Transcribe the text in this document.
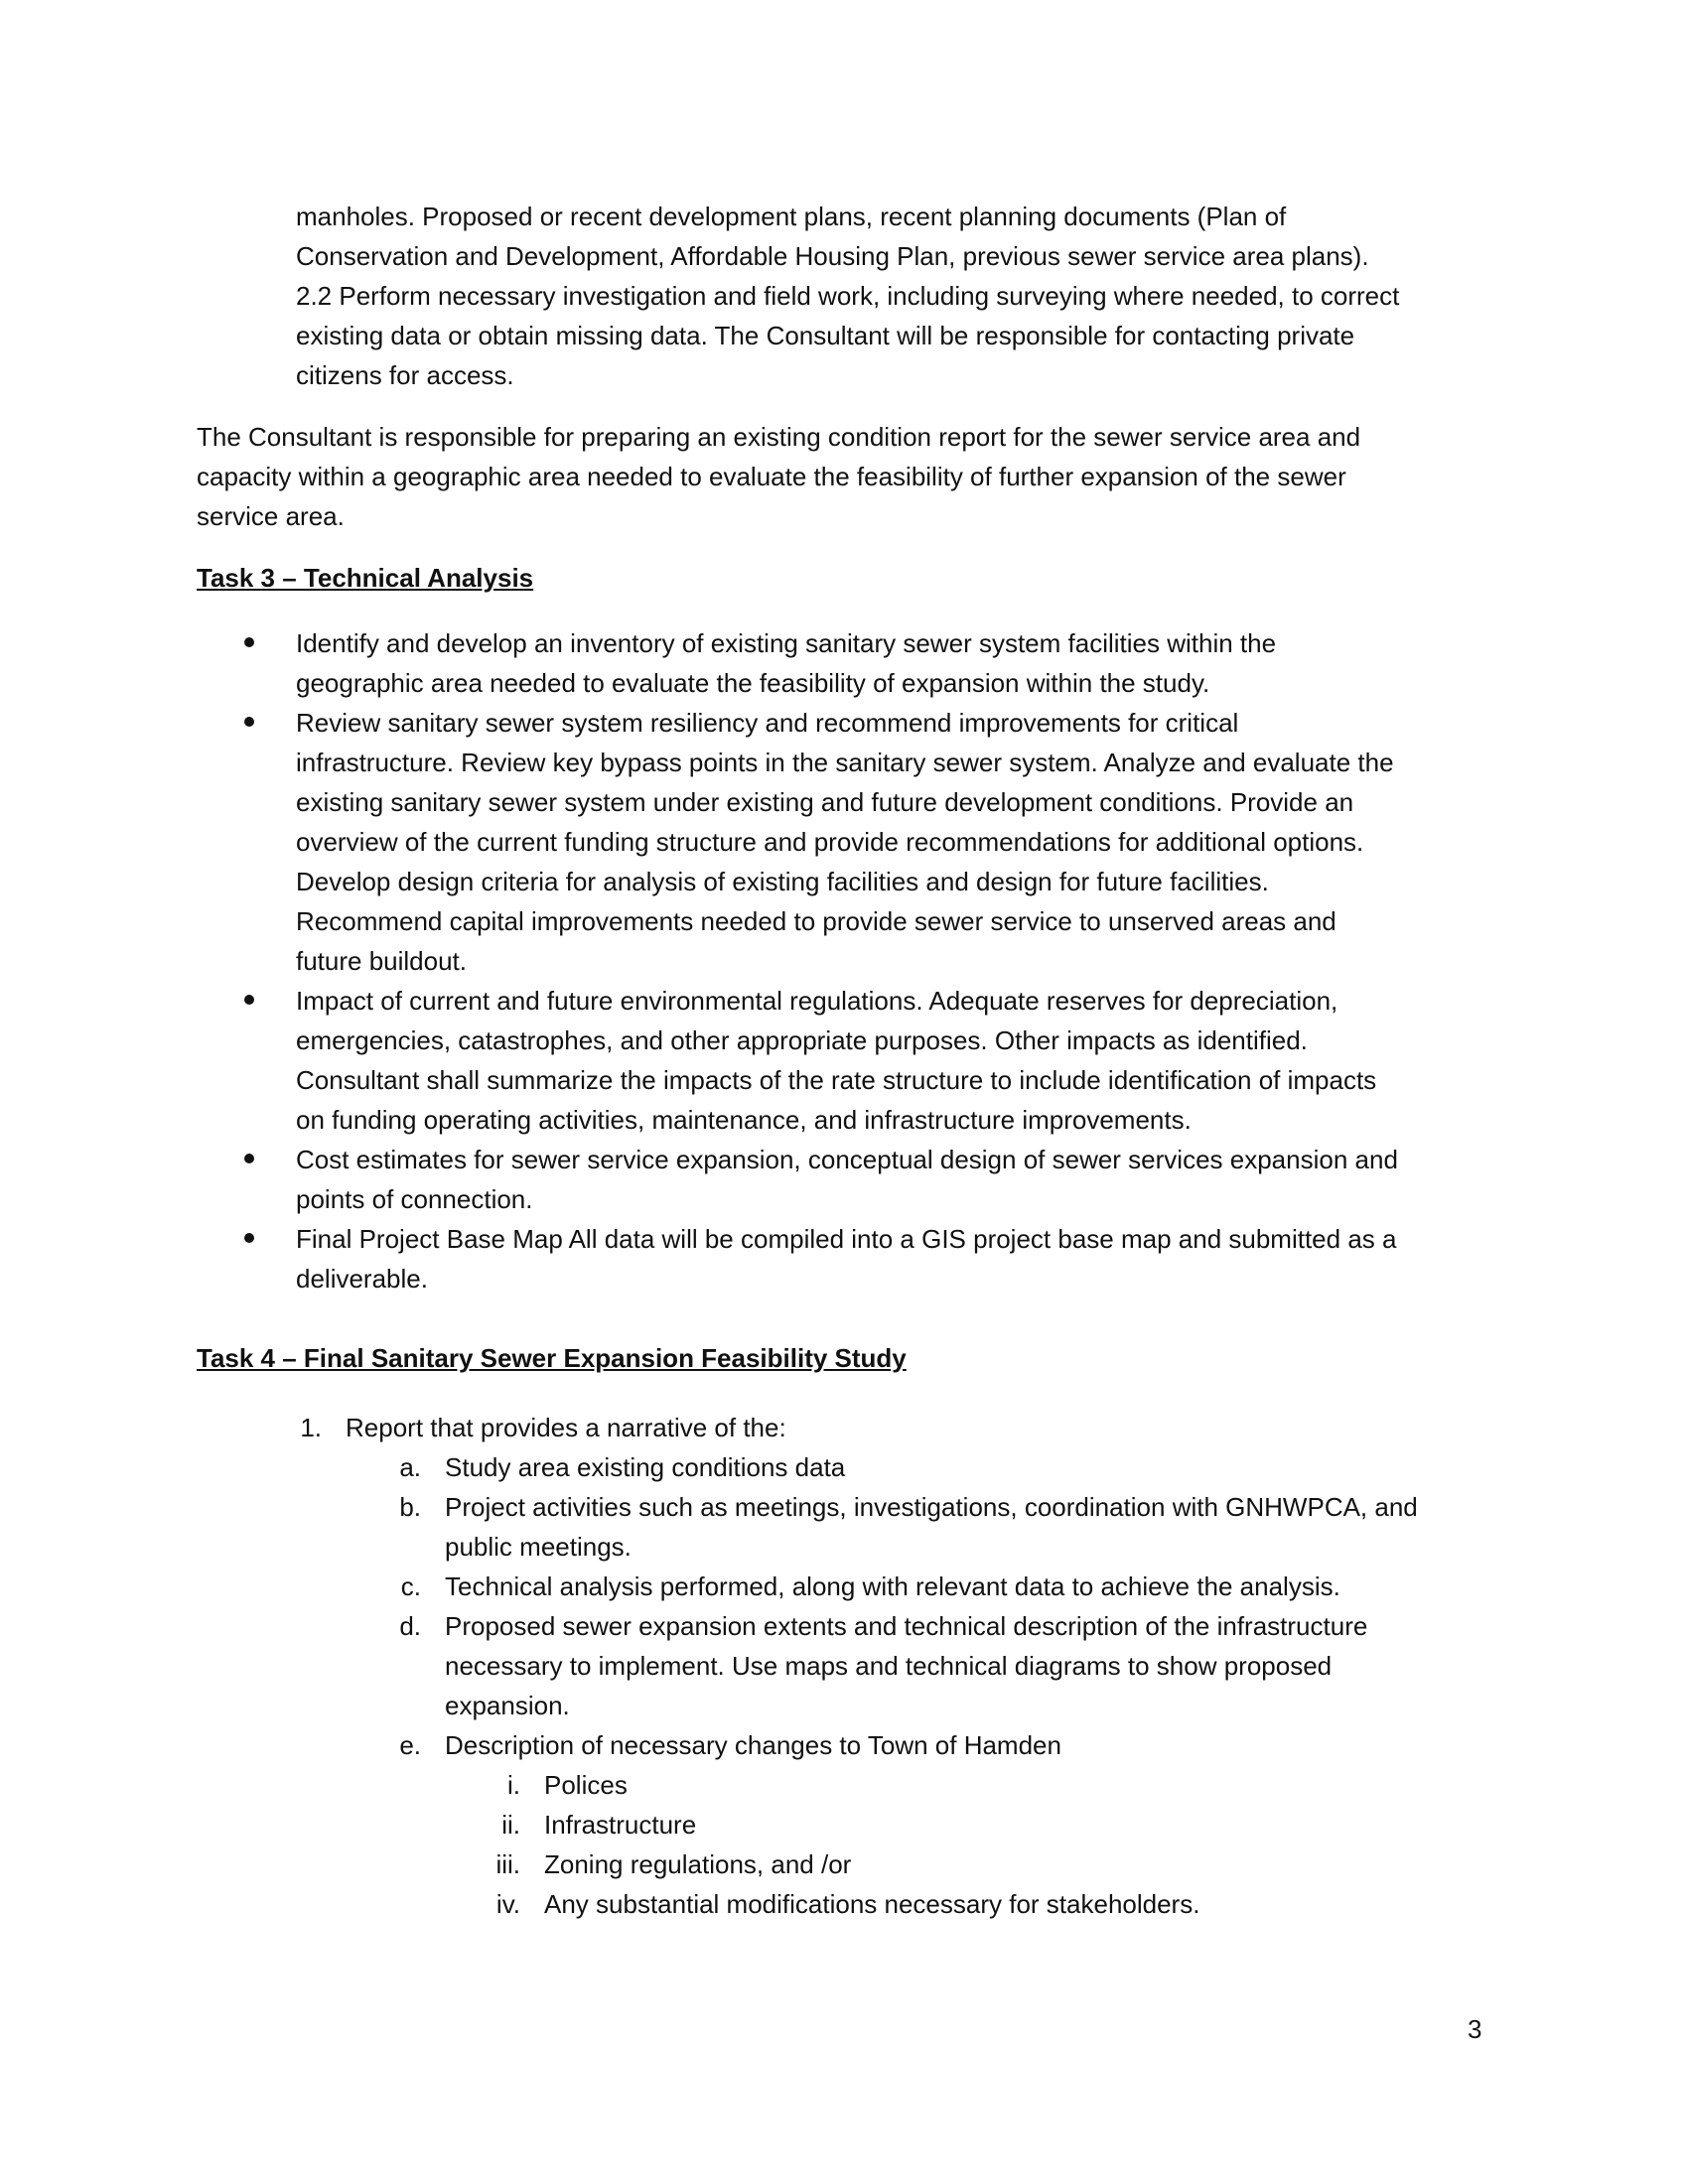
manholes. Proposed or recent development plans, recent planning documents (Plan of
Conservation and Development, Affordable Housing Plan, previous sewer service area plans).
2.2 Perform necessary investigation and field work, including surveying where needed, to correct
existing data or obtain missing data. The Consultant will be responsible for contacting private
citizens for access.
The Consultant is responsible for preparing an existing condition report for the sewer service area and
capacity within a geographic area needed to evaluate the feasibility of further expansion of the sewer
service area.
Task 3 – Technical Analysis
Identify and develop an inventory of existing sanitary sewer system facilities within the
geographic area needed to evaluate the feasibility of expansion within the study.
Review sanitary sewer system resiliency and recommend improvements for critical
infrastructure. Review key bypass points in the sanitary sewer system. Analyze and evaluate the
existing sanitary sewer system under existing and future development conditions. Provide an
overview of the current funding structure and provide recommendations for additional options.
Develop design criteria for analysis of existing facilities and design for future facilities.
Recommend capital improvements needed to provide sewer service to unserved areas and
future buildout.
Impact of current and future environmental regulations. Adequate reserves for depreciation,
emergencies, catastrophes, and other appropriate purposes. Other impacts as identified.
Consultant shall summarize the impacts of the rate structure to include identification of impacts
on funding operating activities, maintenance, and infrastructure improvements.
Cost estimates for sewer service expansion, conceptual design of sewer services expansion and
points of connection.
Final Project Base Map All data will be compiled into a GIS project base map and submitted as a
deliverable.
Task 4 – Final Sanitary Sewer Expansion Feasibility Study
1. Report that provides a narrative of the:
a. Study area existing conditions data
b. Project activities such as meetings, investigations, coordination with GNHWPCA, and
public meetings.
c. Technical analysis performed, along with relevant data to achieve the analysis.
d. Proposed sewer expansion extents and technical description of the infrastructure
necessary to implement. Use maps and technical diagrams to show proposed
expansion.
e. Description of necessary changes to Town of Hamden
i. Polices
ii. Infrastructure
iii. Zoning regulations, and /or
iv. Any substantial modifications necessary for stakeholders.
3
